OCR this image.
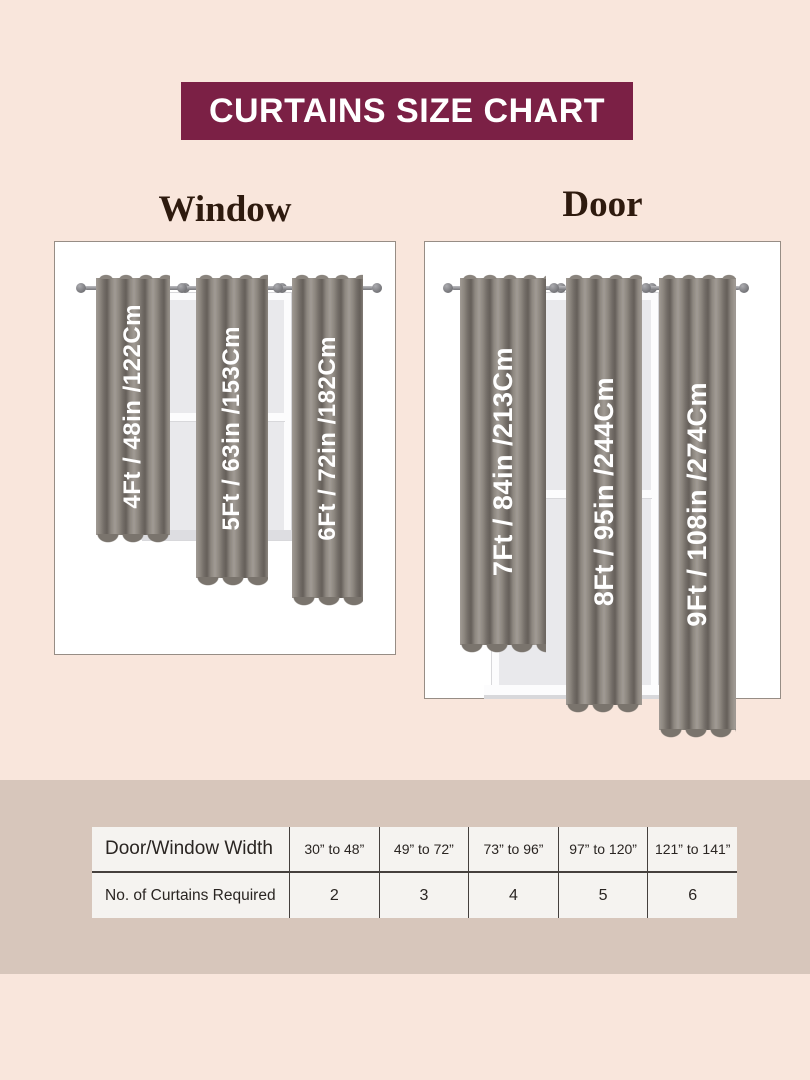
CURTAINS SIZE CHART
Window	Door
4Ft / 48in /122Cm	5Ft / 63in /153Cm	6Ft / 72in /182Cm	7Ft / 84in /213Cm	8Ft / 95in /244Cm 9Ft / 108in /274Cm
Door/Window Width	30” to 48”	49” to 72”	73” to 96”	97” to 120”	121” to 141”
No. of Curtains Required	2	3	4	5	6
